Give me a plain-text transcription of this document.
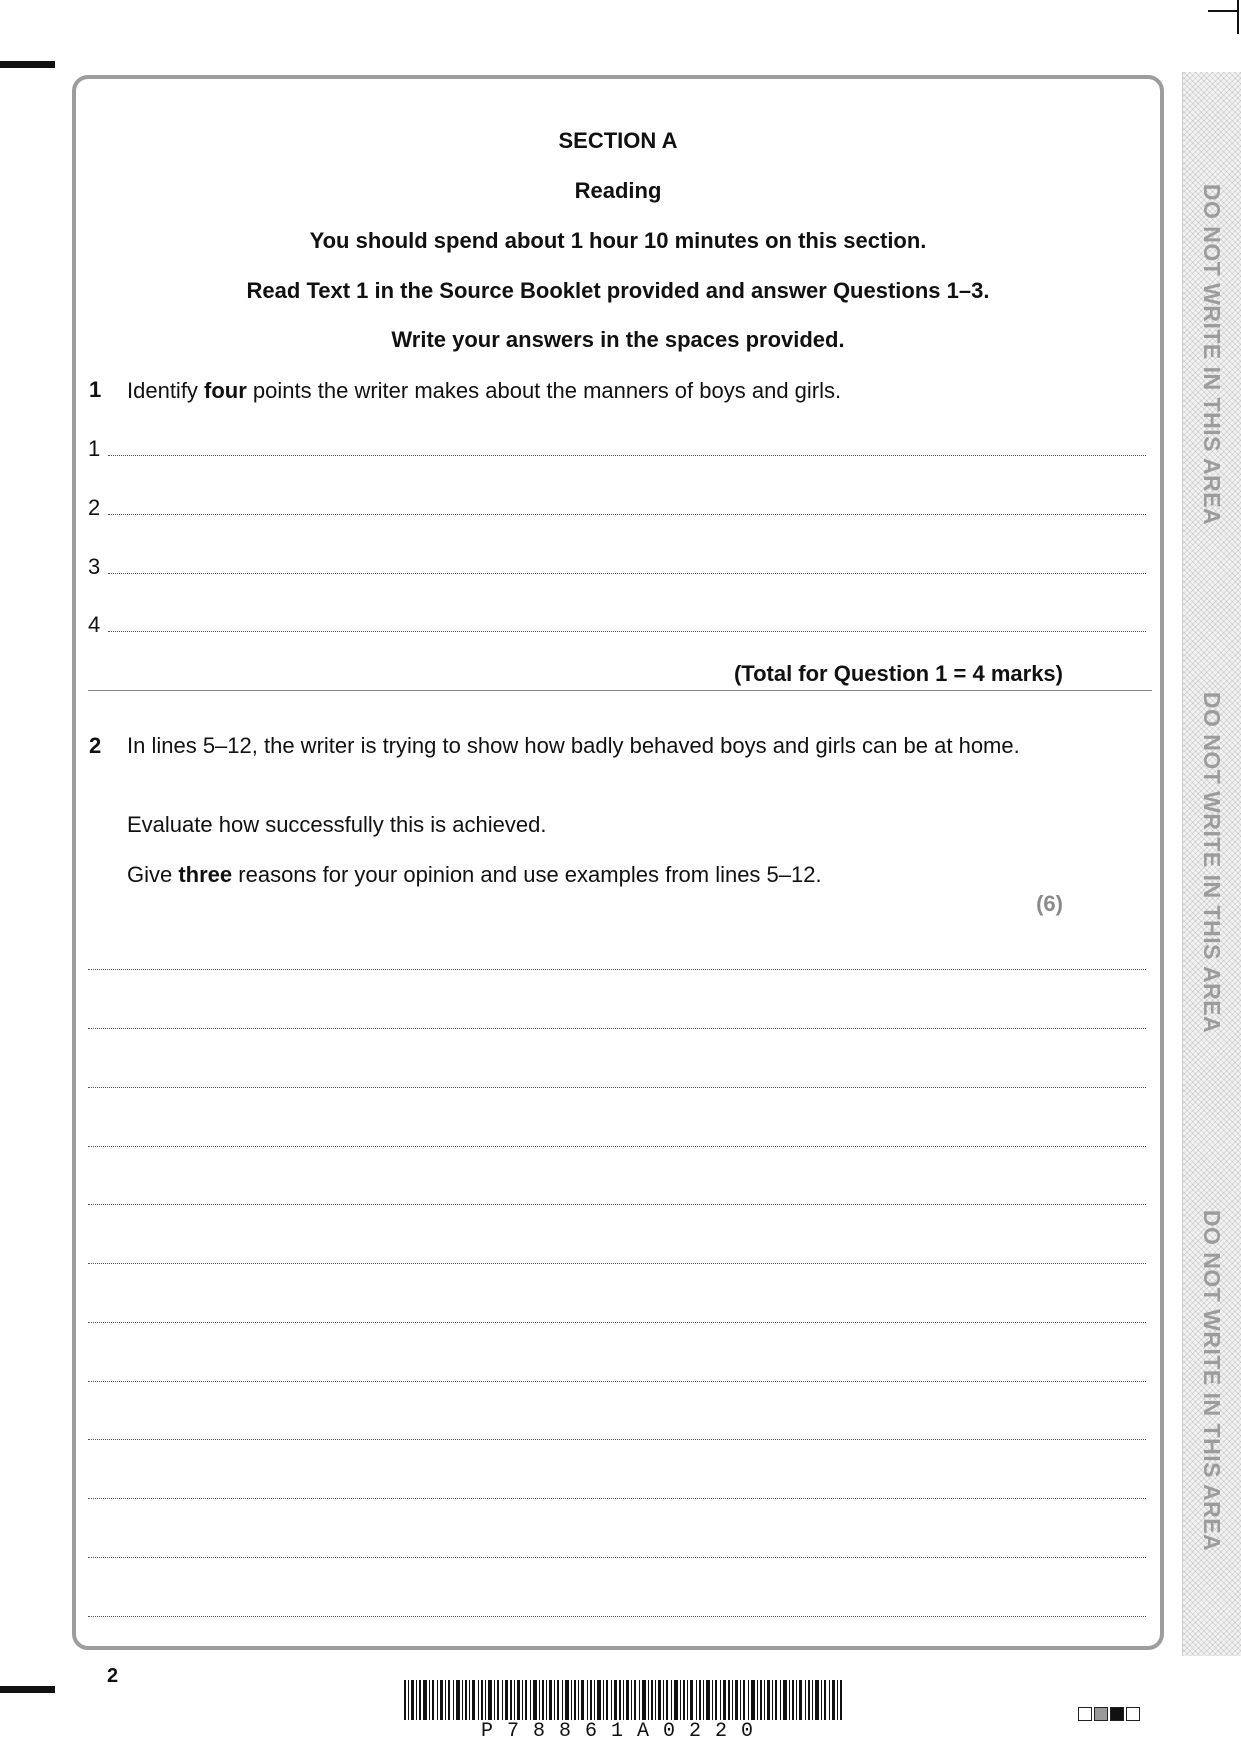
DO NOT WRITE IN THIS AREA
DO NOT WRITE IN THIS AREA
DO NOT WRITE IN THIS AREA
SECTION A
Reading
You should spend about 1 hour 10 minutes on this section.
Read Text 1 in the Source Booklet provided and answer Questions 1–3.
Write your answers in the spaces provided.
1 Identify four points the writer makes about the manners of boys and girls.
1
2
3
4
(Total for Question 1 = 4 marks)
2 In lines 5–12, the writer is trying to show how badly behaved boys and girls can be at home.
Evaluate how successfully this is achieved.
Give three reasons for your opinion and use examples from lines 5–12.
(6)
2
P78861A0220
